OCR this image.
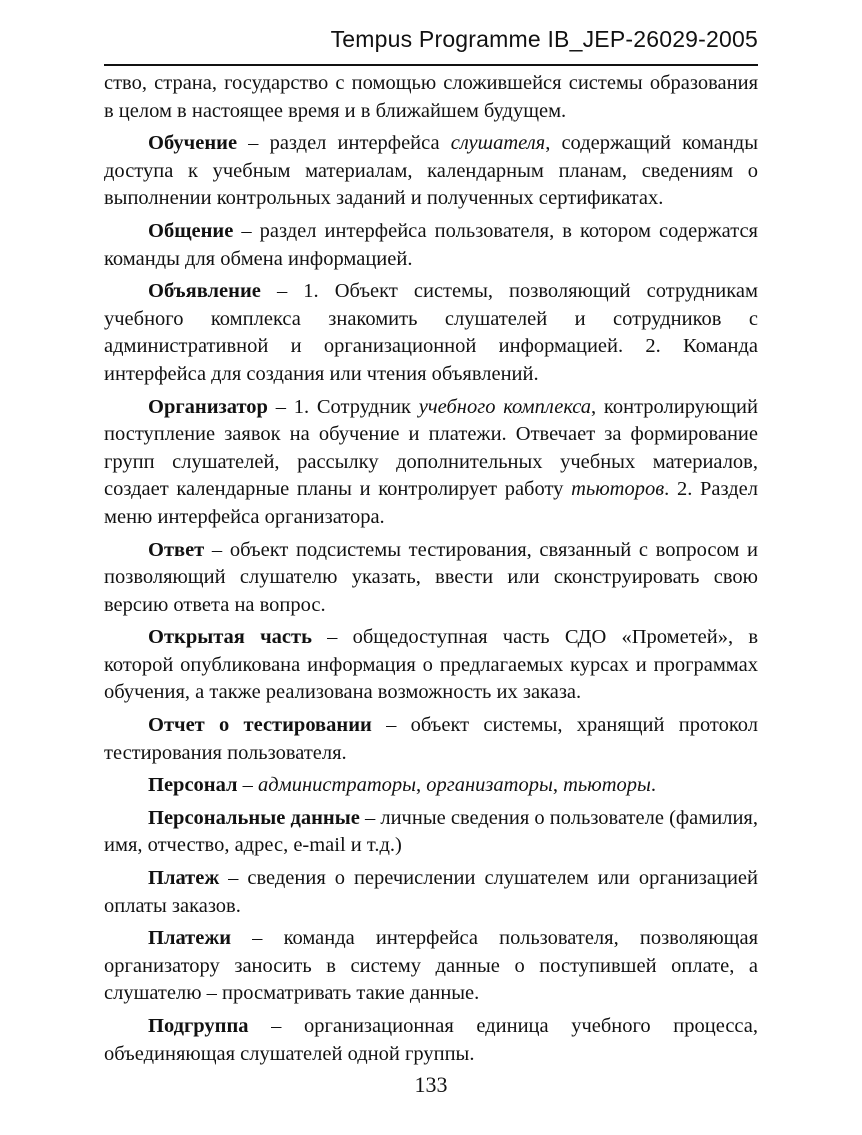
Tempus Programme IB_JEP-26029-2005

ство, страна, государство с помощью сложившейся системы образования в целом в настоящее время и в ближайшем будущем.

Обучение – раздел интерфейса слушателя, содержащий команды доступа к учебным материалам, календарным планам, сведениям о выполнении контрольных заданий и полученных сертификатах.

Общение – раздел интерфейса пользователя, в котором содержатся команды для обмена информацией.

Объявление – 1. Объект системы, позволяющий сотрудникам учебного комплекса знакомить слушателей и сотрудников с административной и организационной информацией. 2. Команда интерфейса для создания или чтения объявлений.

Организатор – 1. Сотрудник учебного комплекса, контролирующий поступление заявок на обучение и платежи. Отвечает за формирование групп слушателей, рассылку дополнительных учебных материалов, создает календарные планы и контролирует работу тьюторов. 2. Раздел меню интерфейса организатора.

Ответ – объект подсистемы тестирования, связанный с вопросом и позволяющий слушателю указать, ввести или сконструировать свою версию ответа на вопрос.

Открытая часть – общедоступная часть СДО «Прометей», в которой опубликована информация о предлагаемых курсах и программах обучения, а также реализована возможность их заказа.

Отчет о тестировании – объект системы, хранящий протокол тестирования пользователя.

Персонал – администраторы, организаторы, тьюторы.

Персональные данные – личные сведения о пользователе (фамилия, имя, отчество, адрес, e-mail и т.д.)

Платеж – сведения о перечислении слушателем или организацией оплаты заказов.

Платежи – команда интерфейса пользователя, позволяющая организатору заносить в систему данные о поступившей оплате, а слушателю – просматривать такие данные.

Подгруппа – организационная единица учебного процесса, объединяющая слушателей одной группы.

133
